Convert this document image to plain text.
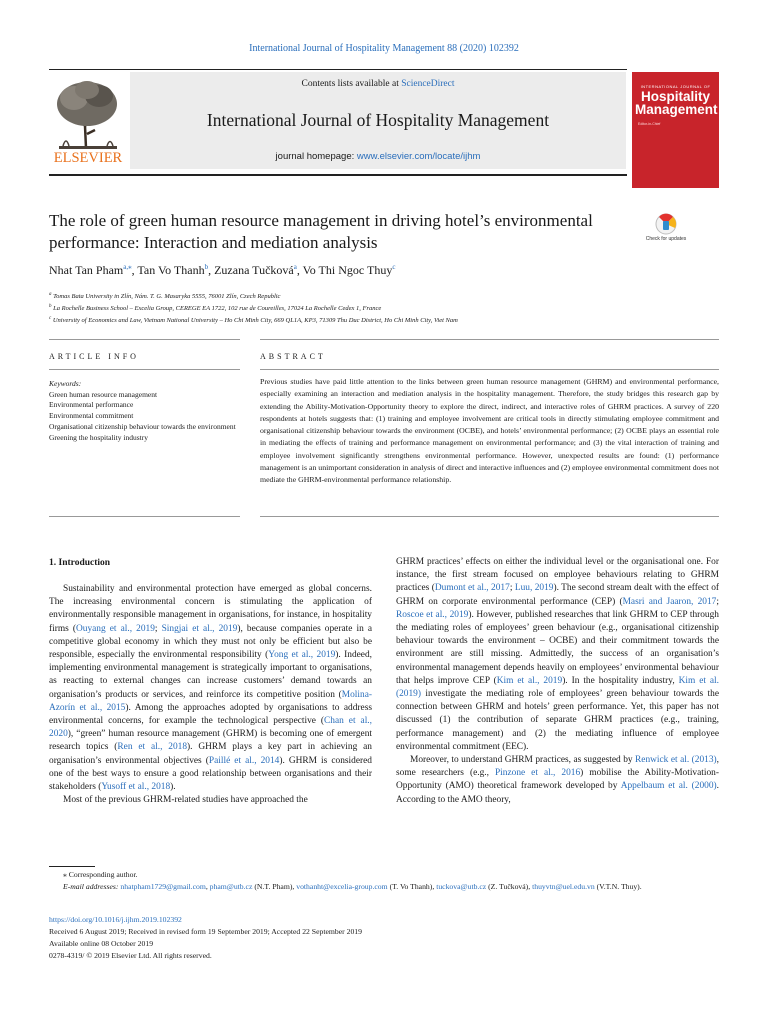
International Journal of Hospitality Management 88 (2020) 102392
ELSEVIER
Contents lists available at ScienceDirect
International Journal of Hospitality Management
journal homepage: www.elsevier.com/locate/ijhm
INTERNATIONAL JOURNAL OF
Hospitality Management
Editor-in-Chief
The role of green human resource management in driving hotel’s environmental performance: Interaction and mediation analysis	Check for updates
Nhat Tan Pham$^{a,⁎}$, Tan Vo Thanh$^b$, Zuzana Tučková$^a$, Vo Thi Ngoc Thuy$^c$
$^a$ Tomas Bata University in Zlín, Nám. T. G. Masaryka 5555, 76001 Zlín, Czech Republic
$^b$ La Rochelle Business School – Excelia Group, CEREGE EA 1722, 102 rue de Coureilles, 17024 La Rochelle Cedex 1, France
$^c$ University of Economics and Law, Vietnam National University – Ho Chi Minh City, 669 QL1A, KP3, 71309 Thu Duc District, Ho Chi Minh City, Viet Nam
ARTICLE INFO	ABSTRACT
Keywords:
Green human resource management
Environmental performance
Environmental commitment
Organisational citizenship behaviour towards the environment
Greening the hospitality industry
Previous studies have paid little attention to the links between green human resource management (GHRM) and environmental performance, especially examining an interaction and mediation analysis in the hospitality management. Therefore, the study bridges this research gap by extending the Ability-Motivation-Opportunity theory to explore the direct, indirect, and interactive roles of GHRM practices. A survey of 220 respondents at hotels suggests that: (1) training and employee involvement are critical tools in directly stimulating employee commitment and organisational citizenship behaviour towards the environment (OCBE), and hotels’ environmental performance; (2) OCBE plays an essential role in mediating the effects of training and performance management on environmental performance; and (3) the vital interaction of training and employee involvement significantly strengthens environmental performance. However, unexpected results are found: (1) performance management is an unimportant consideration in analysis of direct and interactive influences and (2) employee environmental commitment does not mediate the GHRM-environmental performance relationship.
1. Introduction

Sustainability and environmental protection have emerged as global concerns. The increasing environmental concern is stimulating the application of environmentally responsible management in organisations, for instance, in hospitality firms (Ouyang et al., 2019; Singjai et al., 2019), because companies operate in a competitive global economy in which they must not only be efficient but also be responsible, especially the environmental responsibility (Yong et al., 2019). Indeed, implementing environmental management is strategically important to organisations, as reacting to external changes can increase customers’ demand towards an organisation’s products or services, and reinforce its competitive position (Molina-Azorín et al., 2015). Among the approaches adopted by organisations to address environmental concerns, for example the technological perspective (Chan et al., 2020), “green” human resource management (GHRM) is becoming one of emergent research topics (Ren et al., 2018). GHRM plays a key part in achieving an organisation’s environmental objectives (Paillé et al., 2014). GHRM is considered one of the best ways to ensure a good relationship between organisations and their stakeholders (Yusoff et al., 2018).

Most of the previous GHRM-related studies have approached the

GHRM practices’ effects on either the individual level or the organisational one. For instance, the first stream focused on employee behaviours relating to GHRM practices (Dumont et al., 2017; Luu, 2019). The second stream dealt with the effect of GHRM on corporate environmental performance (CEP) (Masri and Jaaron, 2017; Roscoe et al., 2019). However, published researches that link GHRM to CEP through the mediating roles of employees’ green behaviour (e.g., organisational citizenship behaviour towards the environment – OCBE) and their commitment towards the environment are still missing. Admittedly, the success of an organisation’s environmental management depends heavily on employees’ environmental behaviour that helps improve CEP (Kim et al., 2019). In the hospitality industry, Kim et al. (2019) investigate the mediating role of employees’ green behaviour towards the connection between GHRM and hotels’ green performance. Yet, this paper has not discussed (1) the contribution of separate GHRM practices (e.g., training, performance management) and (2) the mediating influence of employee environmental commitment (EEC).

Moreover, to understand GHRM practices, as suggested by Renwick et al. (2013), some researchers (e.g., Pinzone et al., 2016) mobilise the Ability-Motivation-Opportunity (AMO) theoretical framework developed by Appelbaum et al. (2000). According to the AMO theory,

⁎ Corresponding author.
E-mail addresses: nhatpham1729@gmail.com, pham@utb.cz (N.T. Pham), vothanht@excelia-group.com (T. Vo Thanh), tuckova@utb.cz (Z. Tučková), thuyvtn@uel.edu.vn (V.T.N. Thuy).
https://doi.org/10.1016/j.ijhm.2019.102392
Received 6 August 2019; Received in revised form 19 September 2019; Accepted 22 September 2019
Available online 08 October 2019
0278-4319/ © 2019 Elsevier Ltd. All rights reserved.
